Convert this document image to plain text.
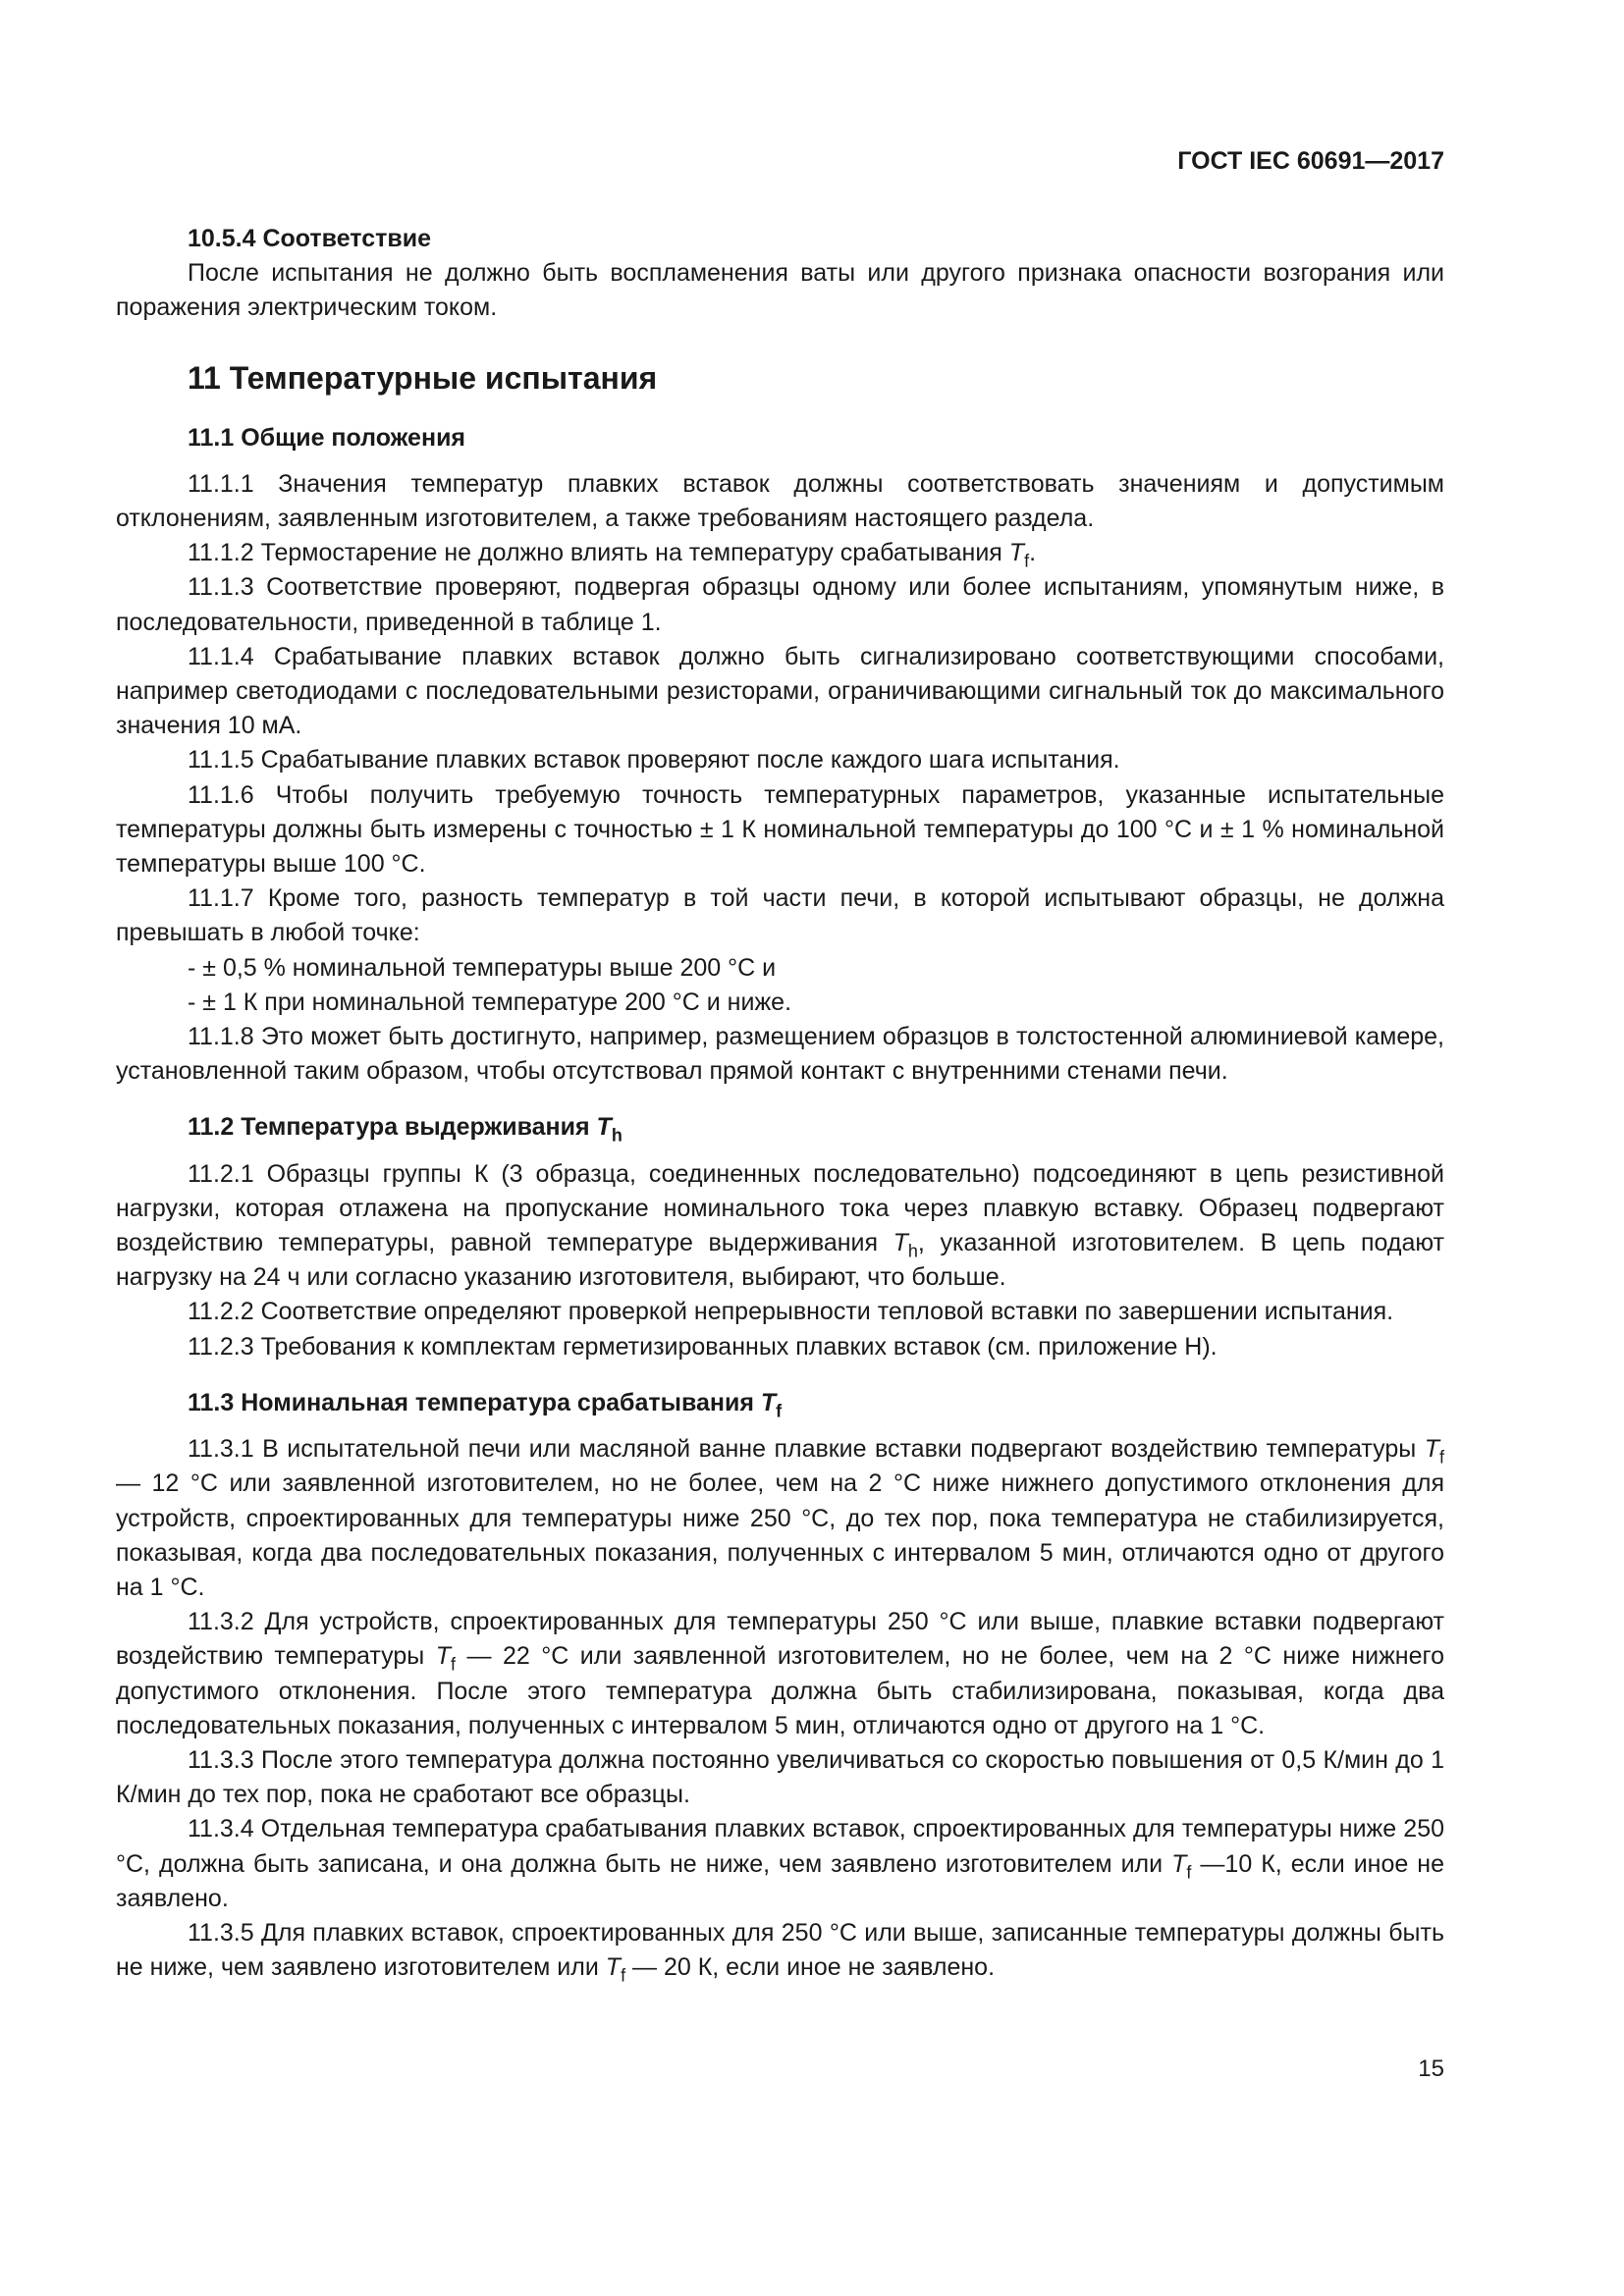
ГОСТ IEC 60691—2017

10.5.4 Соответствие

После испытания не должно быть воспламенения ваты или другого признака опасности возгорания или поражения электрическим током.

11 Температурные испытания

11.1 Общие положения

11.1.1 Значения температур плавких вставок должны соответствовать значениям и допустимым отклонениям, заявленным изготовителем, а также требованиям настоящего раздела.

11.1.2 Термостарение не должно влиять на температуру срабатывания $T_f$.

11.1.3 Соответствие проверяют, подвергая образцы одному или более испытаниям, упомянутым ниже, в последовательности, приведенной в таблице 1.

11.1.4 Срабатывание плавких вставок должно быть сигнализировано соответствующими способами, например светодиодами с последовательными резисторами, ограничивающими сигнальный ток до максимального значения 10 мА.

11.1.5 Срабатывание плавких вставок проверяют после каждого шага испытания.

11.1.6 Чтобы получить требуемую точность температурных параметров, указанные испытательные температуры должны быть измерены с точностью ± 1 К номинальной температуры до 100 °С и ± 1 % номинальной температуры выше 100 °С.

11.1.7 Кроме того, разность температур в той части печи, в которой испытывают образцы, не должна превышать в любой точке:

- ± 0,5 % номинальной температуры выше 200 °С и

- ± 1 К при номинальной температуре 200 °С и ниже.

11.1.8 Это может быть достигнуто, например, размещением образцов в толстостенной алюминиевой камере, установленной таким образом, чтобы отсутствовал прямой контакт с внутренними стенами печи.

11.2 Температура выдерживания $T_h$

11.2.1 Образцы группы К (3 образца, соединенных последовательно) подсоединяют в цепь резистивной нагрузки, которая отлажена на пропускание номинального тока через плавкую вставку. Образец подвергают воздействию температуры, равной температуре выдерживания $T_h$, указанной изготовителем. В цепь подают нагрузку на 24 ч или согласно указанию изготовителя, выбирают, что больше.

11.2.2 Соответствие определяют проверкой непрерывности тепловой вставки по завершении испытания.

11.2.3 Требования к комплектам герметизированных плавких вставок (см. приложение Н).

11.3 Номинальная температура срабатывания $T_f$

11.3.1 В испытательной печи или масляной ванне плавкие вставки подвергают воздействию температуры $T_f$ — 12 °С или заявленной изготовителем, но не более, чем на 2 °С ниже нижнего допустимого отклонения для устройств, спроектированных для температуры ниже 250 °С, до тех пор, пока температура не стабилизируется, показывая, когда два последовательных показания, полученных с интервалом 5 мин, отличаются одно от другого на 1 °С.

11.3.2 Для устройств, спроектированных для температуры 250 °С или выше, плавкие вставки подвергают воздействию температуры $T_f$ — 22 °С или заявленной изготовителем, но не более, чем на 2 °С ниже нижнего допустимого отклонения. После этого температура должна быть стабилизирована, показывая, когда два последовательных показания, полученных с интервалом 5 мин, отличаются одно от другого на 1 °С.

11.3.3 После этого температура должна постоянно увеличиваться со скоростью повышения от 0,5 К/мин до 1 К/мин до тех пор, пока не сработают все образцы.

11.3.4 Отдельная температура срабатывания плавких вставок, спроектированных для температуры ниже 250 °С, должна быть записана, и она должна быть не ниже, чем заявлено изготовителем или $T_f$ —10 К, если иное не заявлено.

11.3.5 Для плавких вставок, спроектированных для 250 °С или выше, записанные температуры должны быть не ниже, чем заявлено изготовителем или $T_f$ — 20 К, если иное не заявлено.

15
